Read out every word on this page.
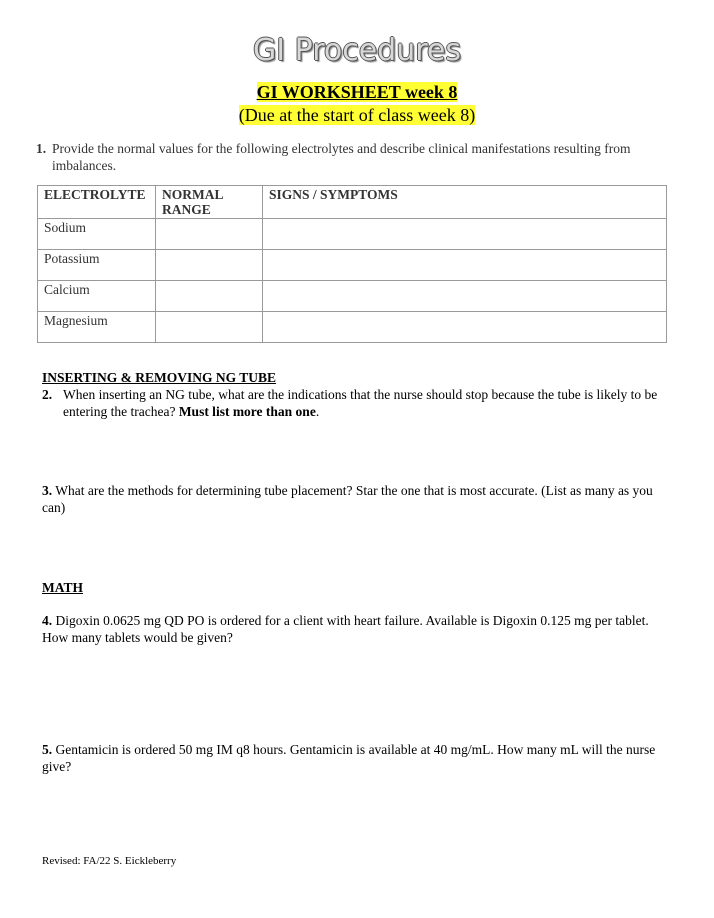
GI Procedures
GI WORKSHEET week 8
(Due at the start of class week 8)
1. Provide the normal values for the following electrolytes and describe clinical manifestations resulting from imbalances.
ELECTROLYTE	NORMAL RANGE	SIGNS / SYMPTOMS
Sodium		
Potassium		
Calcium		
Magnesium		
INSERTING & REMOVING NG TUBE
2. When inserting an NG tube, what are the indications that the nurse should stop because the tube is likely to be entering the trachea? Must list more than one.
3. What are the methods for determining tube placement? Star the one that is most accurate. (List as many as you can)
MATH
4. Digoxin 0.0625 mg QD PO is ordered for a client with heart failure. Available is Digoxin 0.125 mg per tablet. How many tablets would be given?
5. Gentamicin is ordered 50 mg IM q8 hours. Gentamicin is available at 40 mg/mL. How many mL will the nurse give?
Revised: FA/22 S. Eickleberry
